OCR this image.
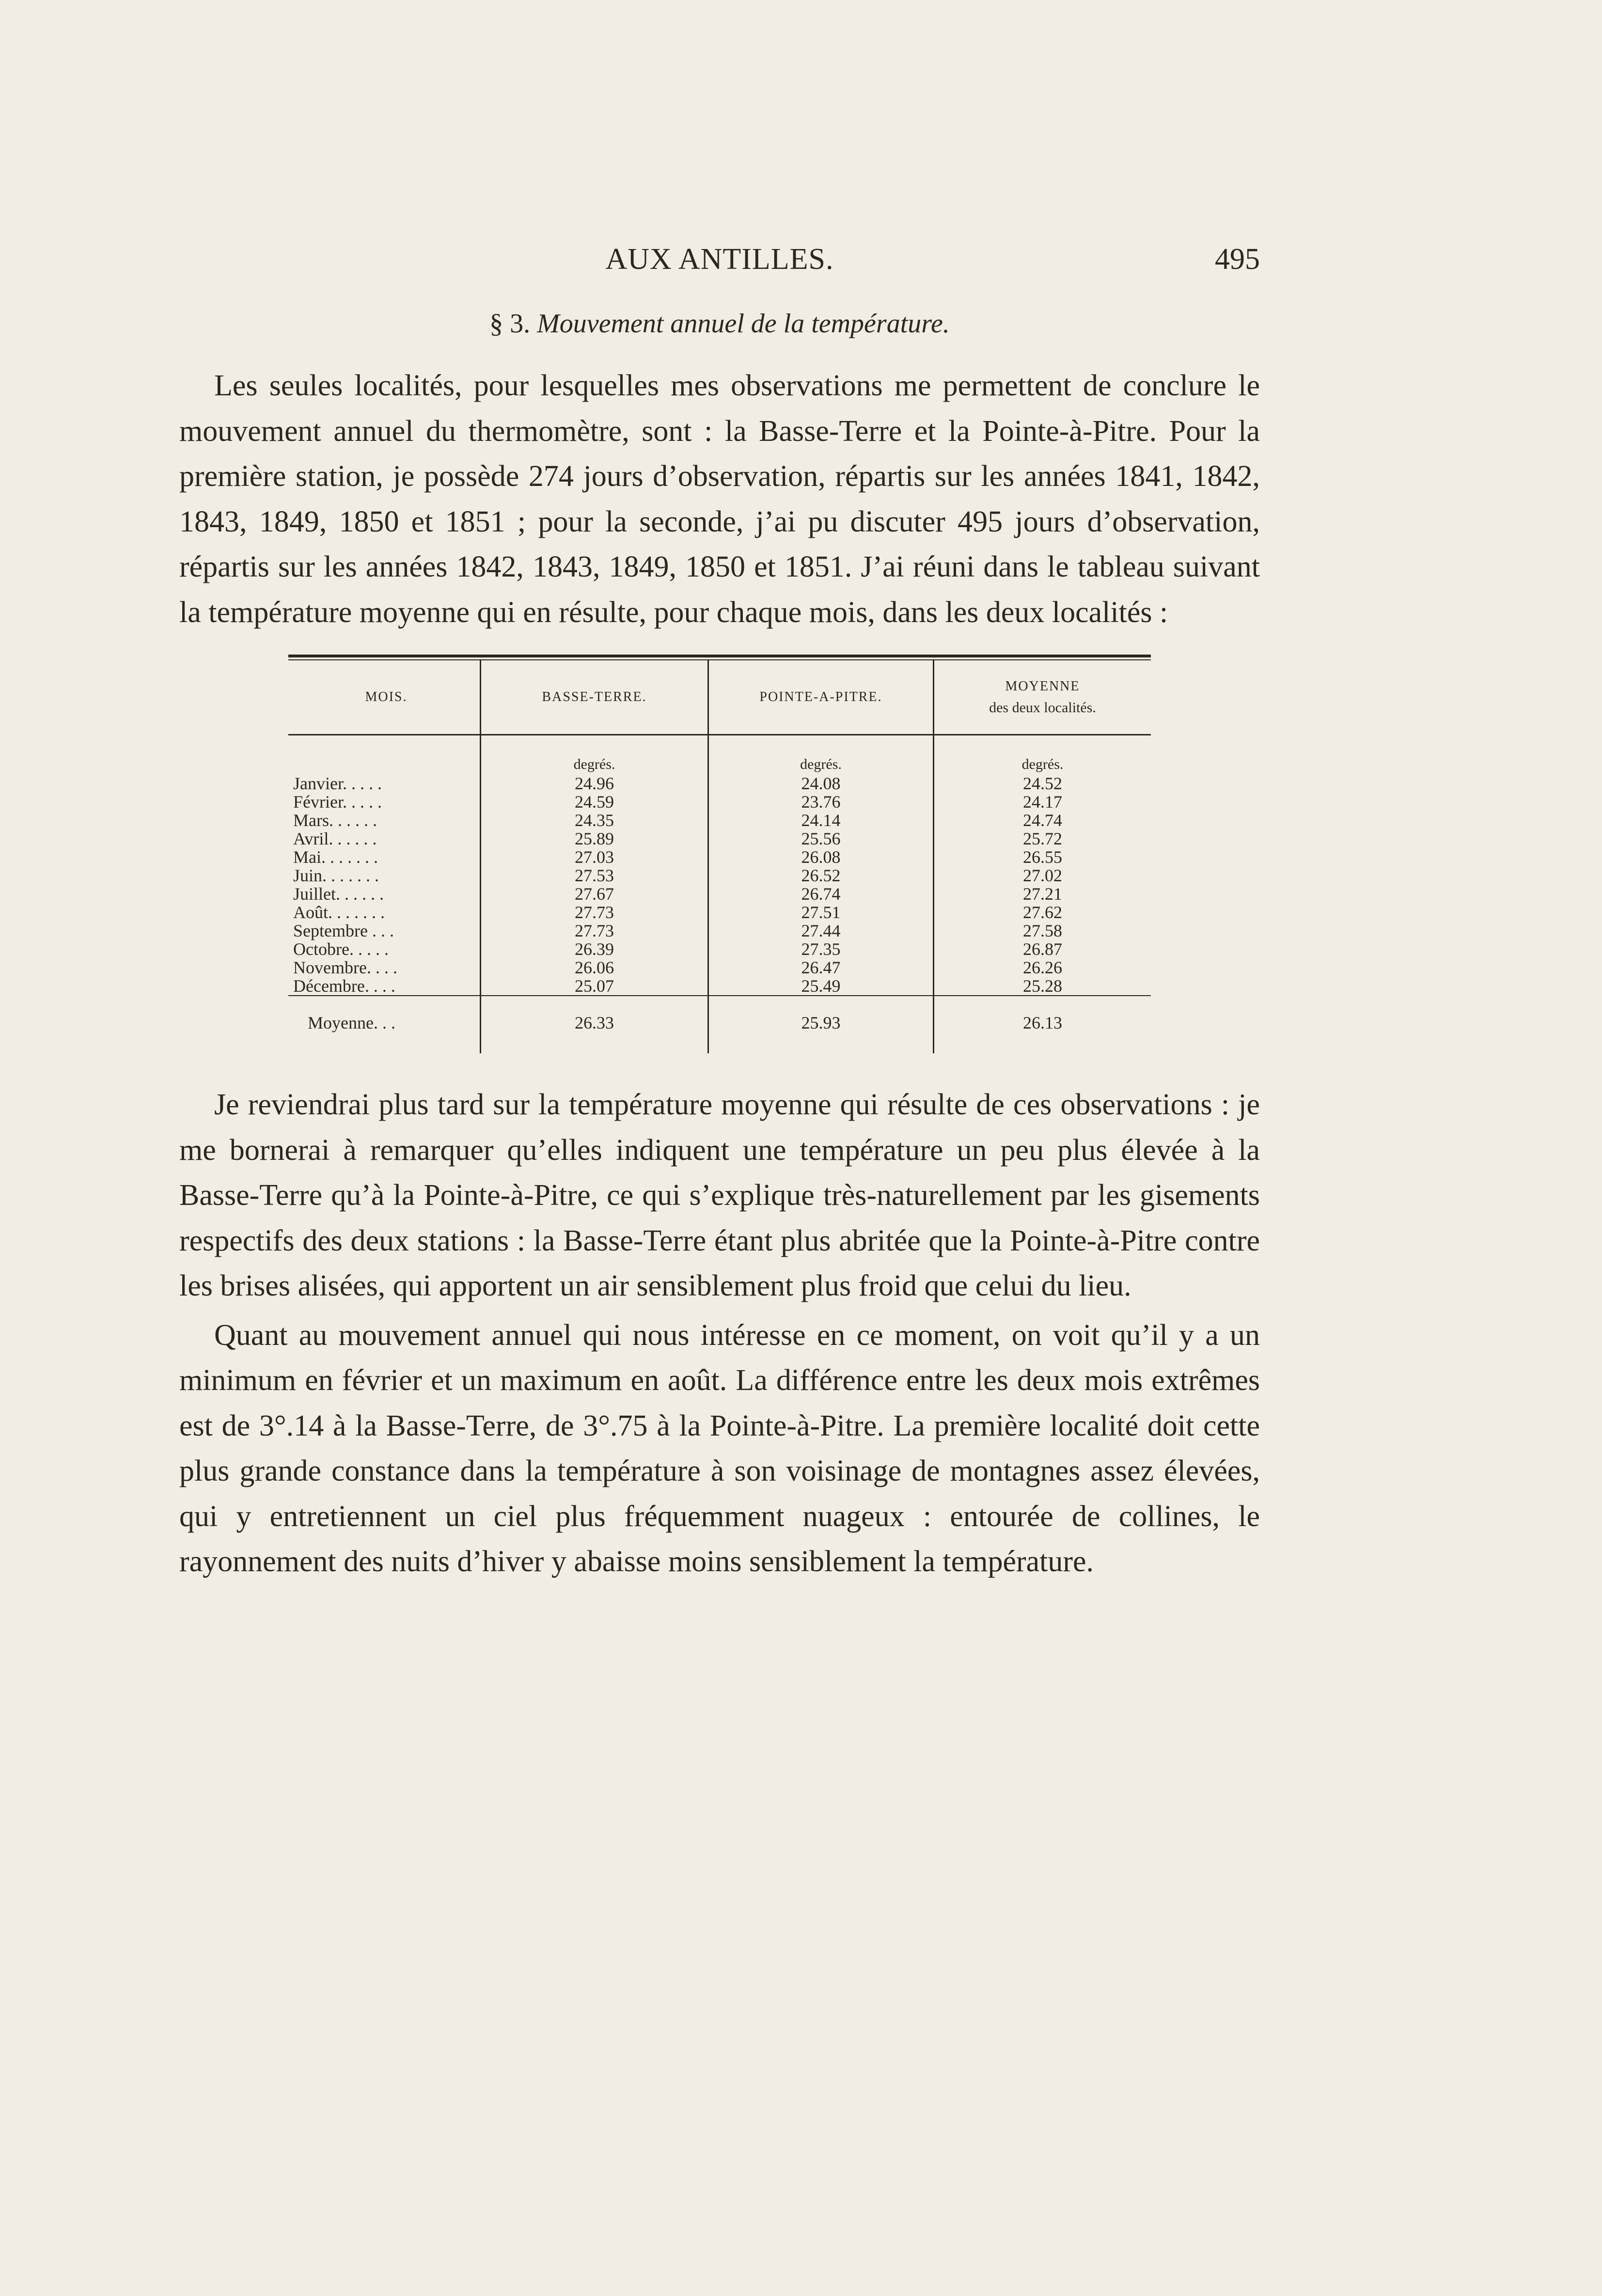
AUX ANTILLES.	495
§ 3. Mouvement annuel de la température.

Les seules localités, pour lesquelles mes observations me permettent de conclure le mouvement annuel du thermomètre, sont : la Basse-Terre et la Pointe-à-Pitre. Pour la première station, je possède 274 jours d’observation, répartis sur les années 1841, 1842, 1843, 1849, 1850 et 1851 ; pour la seconde, j’ai pu discuter 495 jours d’observation, répartis sur les années 1842, 1843, 1849, 1850 et 1851. J’ai réuni dans le tableau suivant la température moyenne qui en résulte, pour chaque mois, dans les deux localités :

MOIS.	BASSE-TERRE.	POINTE-A-PITRE.	MOYENNE
des deux localités.

	degrés.	degrés.	degrés.
Janvier. . . . .	24.96	24.08	24.52
Février. . . . .	24.59	23.76	24.17
Mars. . . . . .	24.35	24.14	24.74
Avril. . . . . .	25.89	25.56	25.72
Mai. . . . . . .	27.03	26.08	26.55
Juin. . . . . . .	27.53	26.52	27.02
Juillet. . . . . .	27.67	26.74	27.21
Août. . . . . . .	27.73	27.51	27.62
Septembre . . .	27.73	27.44	27.58
Octobre. . . . .	26.39	27.35	26.87
Novembre. . . .	26.06	26.47	26.26
Décembre. . . .	25.07	25.49	25.28
Moyenne. . .	26.33	25.93	26.13

Je reviendrai plus tard sur la température moyenne qui résulte de ces observations : je me bornerai à remarquer qu’elles indiquent une température un peu plus élevée à la Basse-Terre qu’à la Pointe-à-Pitre, ce qui s’explique très-naturellement par les gisements respectifs des deux stations : la Basse-Terre étant plus abritée que la Pointe-à-Pitre contre les brises alisées, qui apportent un air sensiblement plus froid que celui du lieu.

Quant au mouvement annuel qui nous intéresse en ce moment, on voit qu’il y a un minimum en février et un maximum en août. La différence entre les deux mois extrêmes est de 3°.14 à la Basse-Terre, de 3°.75 à la Pointe-à-Pitre. La première localité doit cette plus grande constance dans la température à son voisinage de montagnes assez élevées, qui y entretiennent un ciel plus fréquemment nuageux : entourée de collines, le rayonnement des nuits d’hiver y abaisse moins sensiblement la température.
